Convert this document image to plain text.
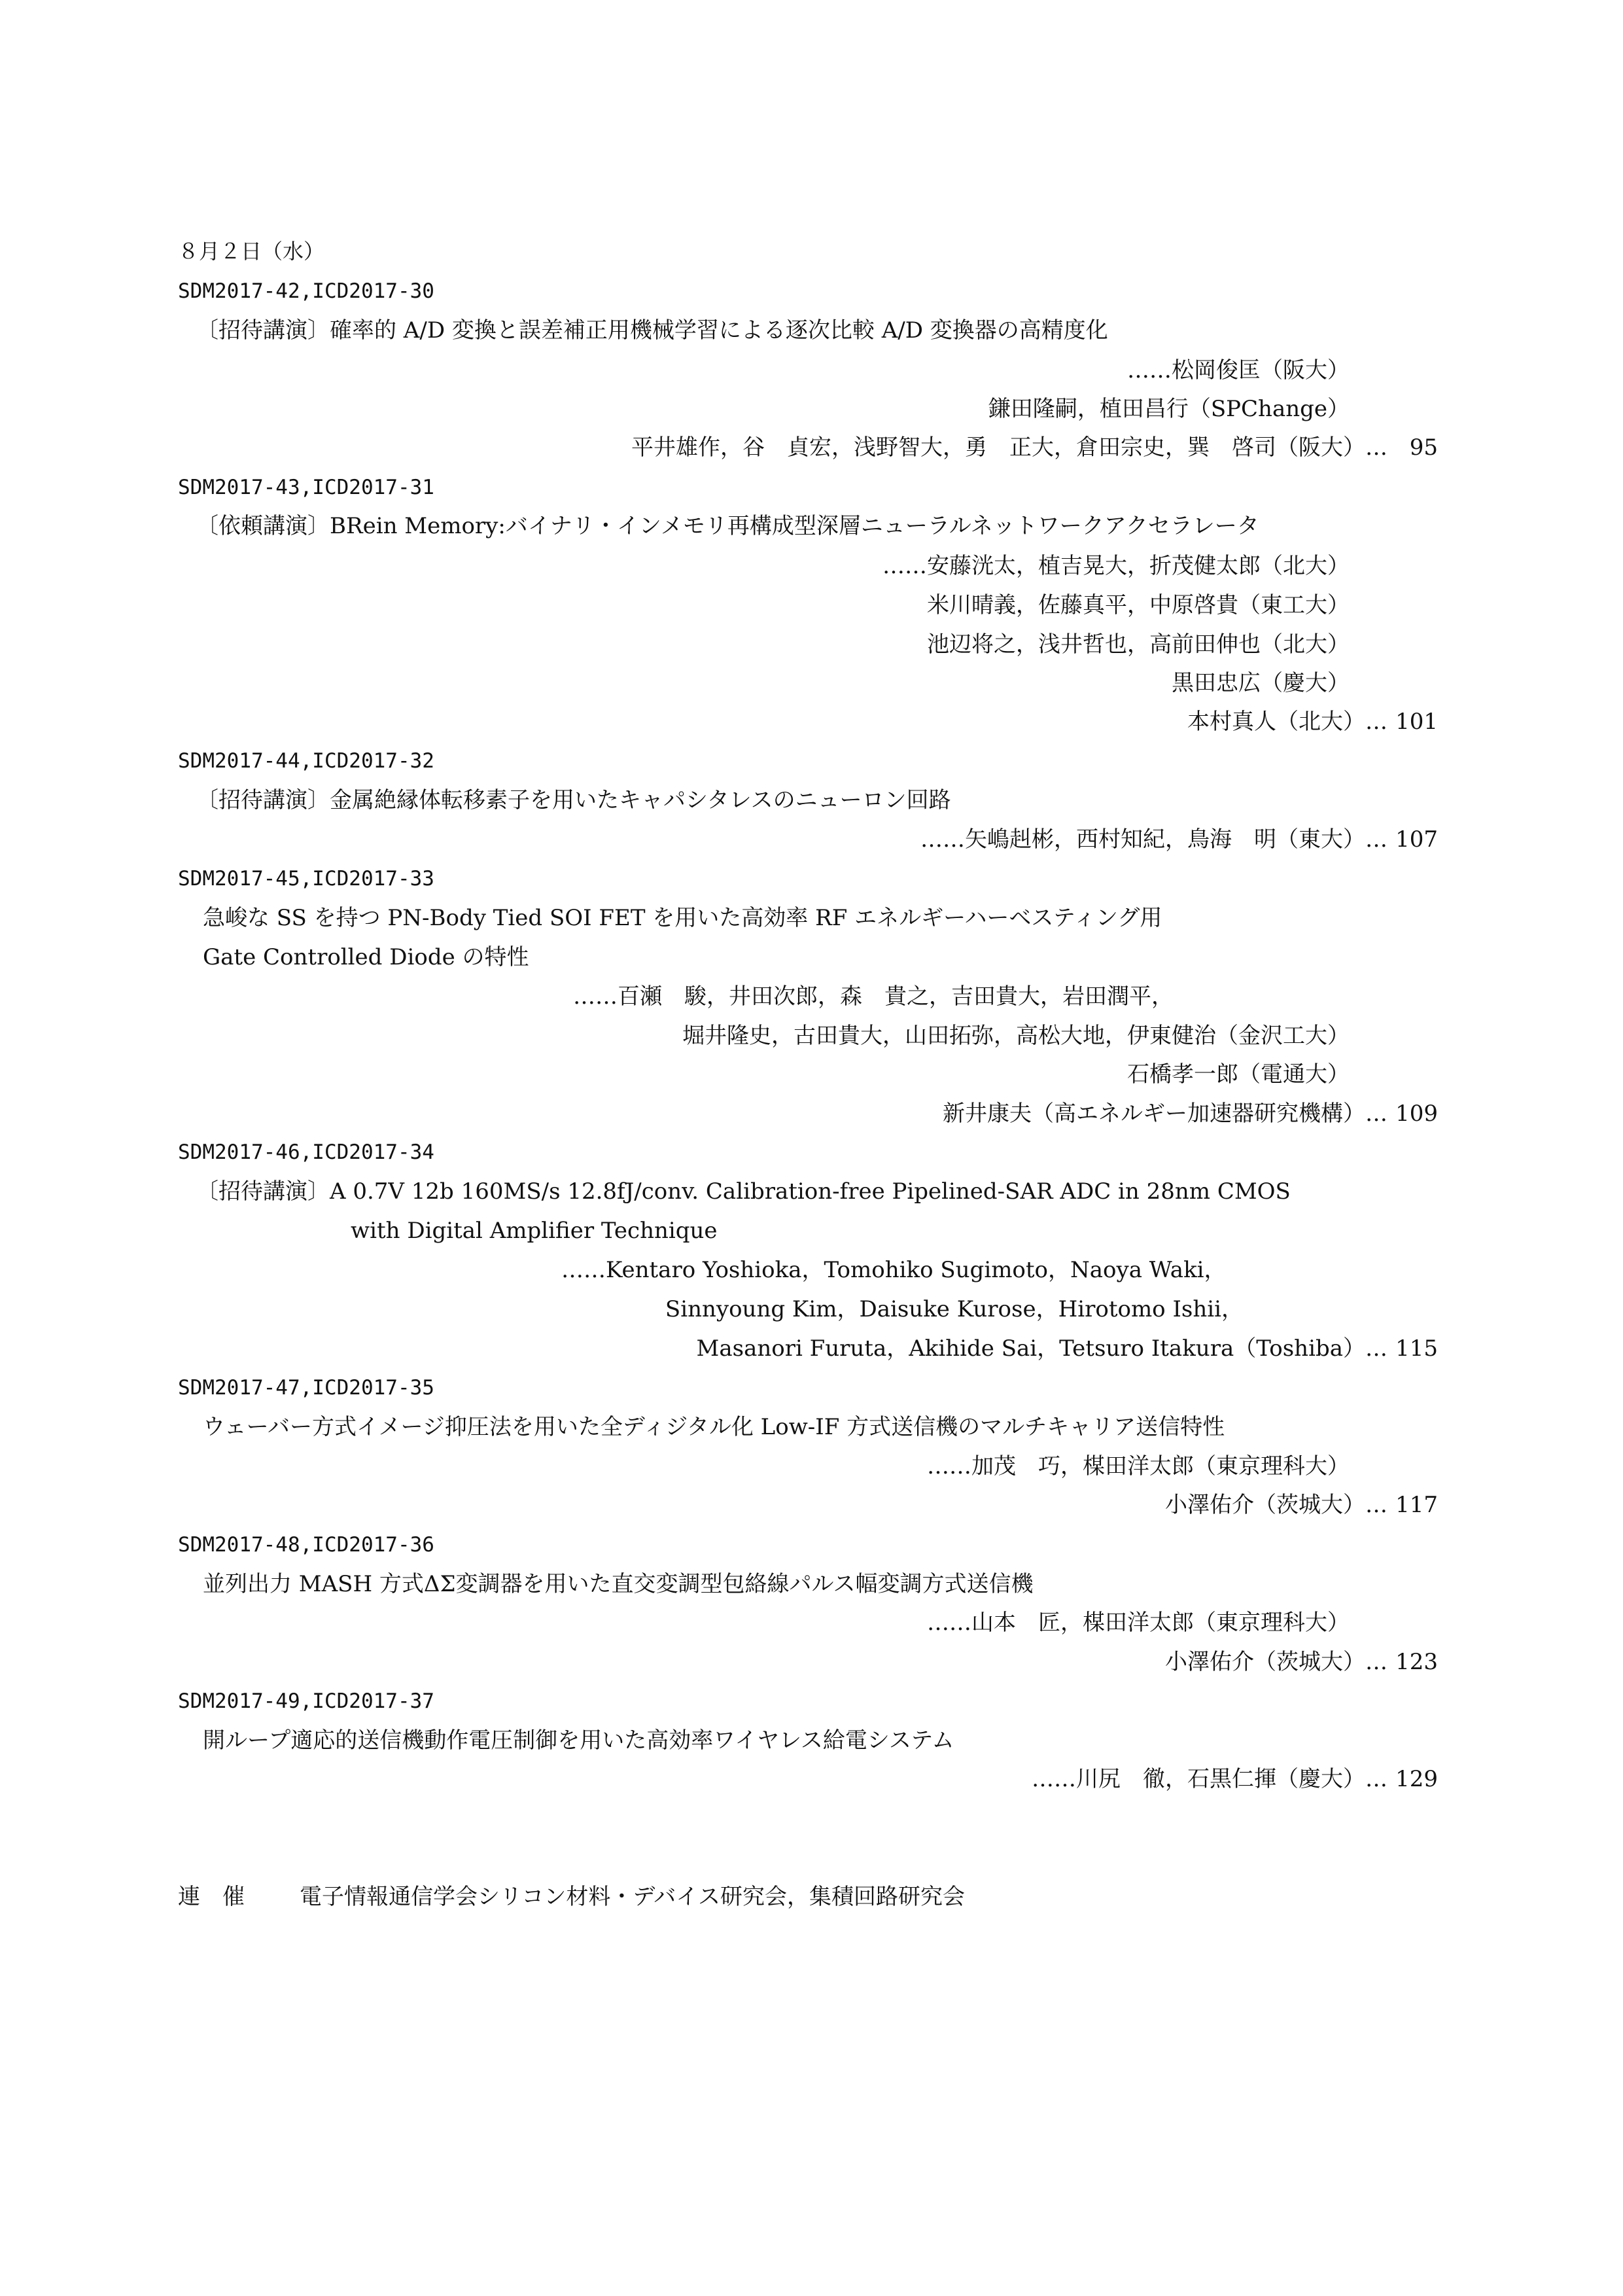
８月２日（水）
SDM2017-42,ICD2017-30
〔招待講演〕確率的 A/D 変換と誤差補正用機械学習による逐次比較 A/D 変換器の高精度化
……松岡俊匡（阪大）
鎌田隆嗣，植田昌行（SPChange）
平井雄作，谷　貞宏，浅野智大，勇　正大，倉田宗史，巽　啓司（阪大）… 95
SDM2017-43,ICD2017-31
〔依頼講演〕BRein Memory:バイナリ・インメモリ再構成型深層ニューラルネットワークアクセラレータ
……安藤洸太，植吉晃大，折茂健太郎（北大）
米川晴義，佐藤真平，中原啓貴（東工大）
池辺将之，浅井哲也，高前田伸也（北大）
黒田忠広（慶大）
本村真人（北大）… 101
SDM2017-44,ICD2017-32
〔招待講演〕金属絶縁体転移素子を用いたキャパシタレスのニューロン回路
……矢嶋赳彬，西村知紀，鳥海　明（東大）… 107
SDM2017-45,ICD2017-33
急峻な SS を持つ PN-Body Tied SOI FET を用いた高効率 RF エネルギーハーベスティング用
Gate Controlled Diode の特性
……百瀬　駿，井田次郎，森　貴之，吉田貴大，岩田潤平，
堀井隆史，古田貴大，山田拓弥，高松大地，伊東健治（金沢工大）
石橋孝一郎（電通大）
新井康夫（高エネルギー加速器研究機構）… 109
SDM2017-46,ICD2017-34
〔招待講演〕A 0.7V 12b 160MS/s 12.8fJ/conv. Calibration-free Pipelined-SAR ADC in 28nm CMOS
with Digital Amplifier Technique
……Kentaro Yoshioka，Tomohiko Sugimoto，Naoya Waki，
Sinnyoung Kim，Daisuke Kurose，Hirotomo Ishii，
Masanori Furuta，Akihide Sai，Tetsuro Itakura（Toshiba）… 115
SDM2017-47,ICD2017-35
ウェーバー方式イメージ抑圧法を用いた全ディジタル化 Low-IF 方式送信機のマルチキャリア送信特性
……加茂　巧，楳田洋太郎（東京理科大）
小澤佑介（茨城大）… 117
SDM2017-48,ICD2017-36
並列出力 MASH 方式ΔΣ変調器を用いた直交変調型包絡線パルス幅変調方式送信機
……山本　匠，楳田洋太郎（東京理科大）
小澤佑介（茨城大）… 123
SDM2017-49,ICD2017-37
開ループ適応的送信機動作電圧制御を用いた高効率ワイヤレス給電システム
……川尻　徹，石黒仁揮（慶大）… 129
連　催 電子情報通信学会シリコン材料・デバイス研究会，集積回路研究会
